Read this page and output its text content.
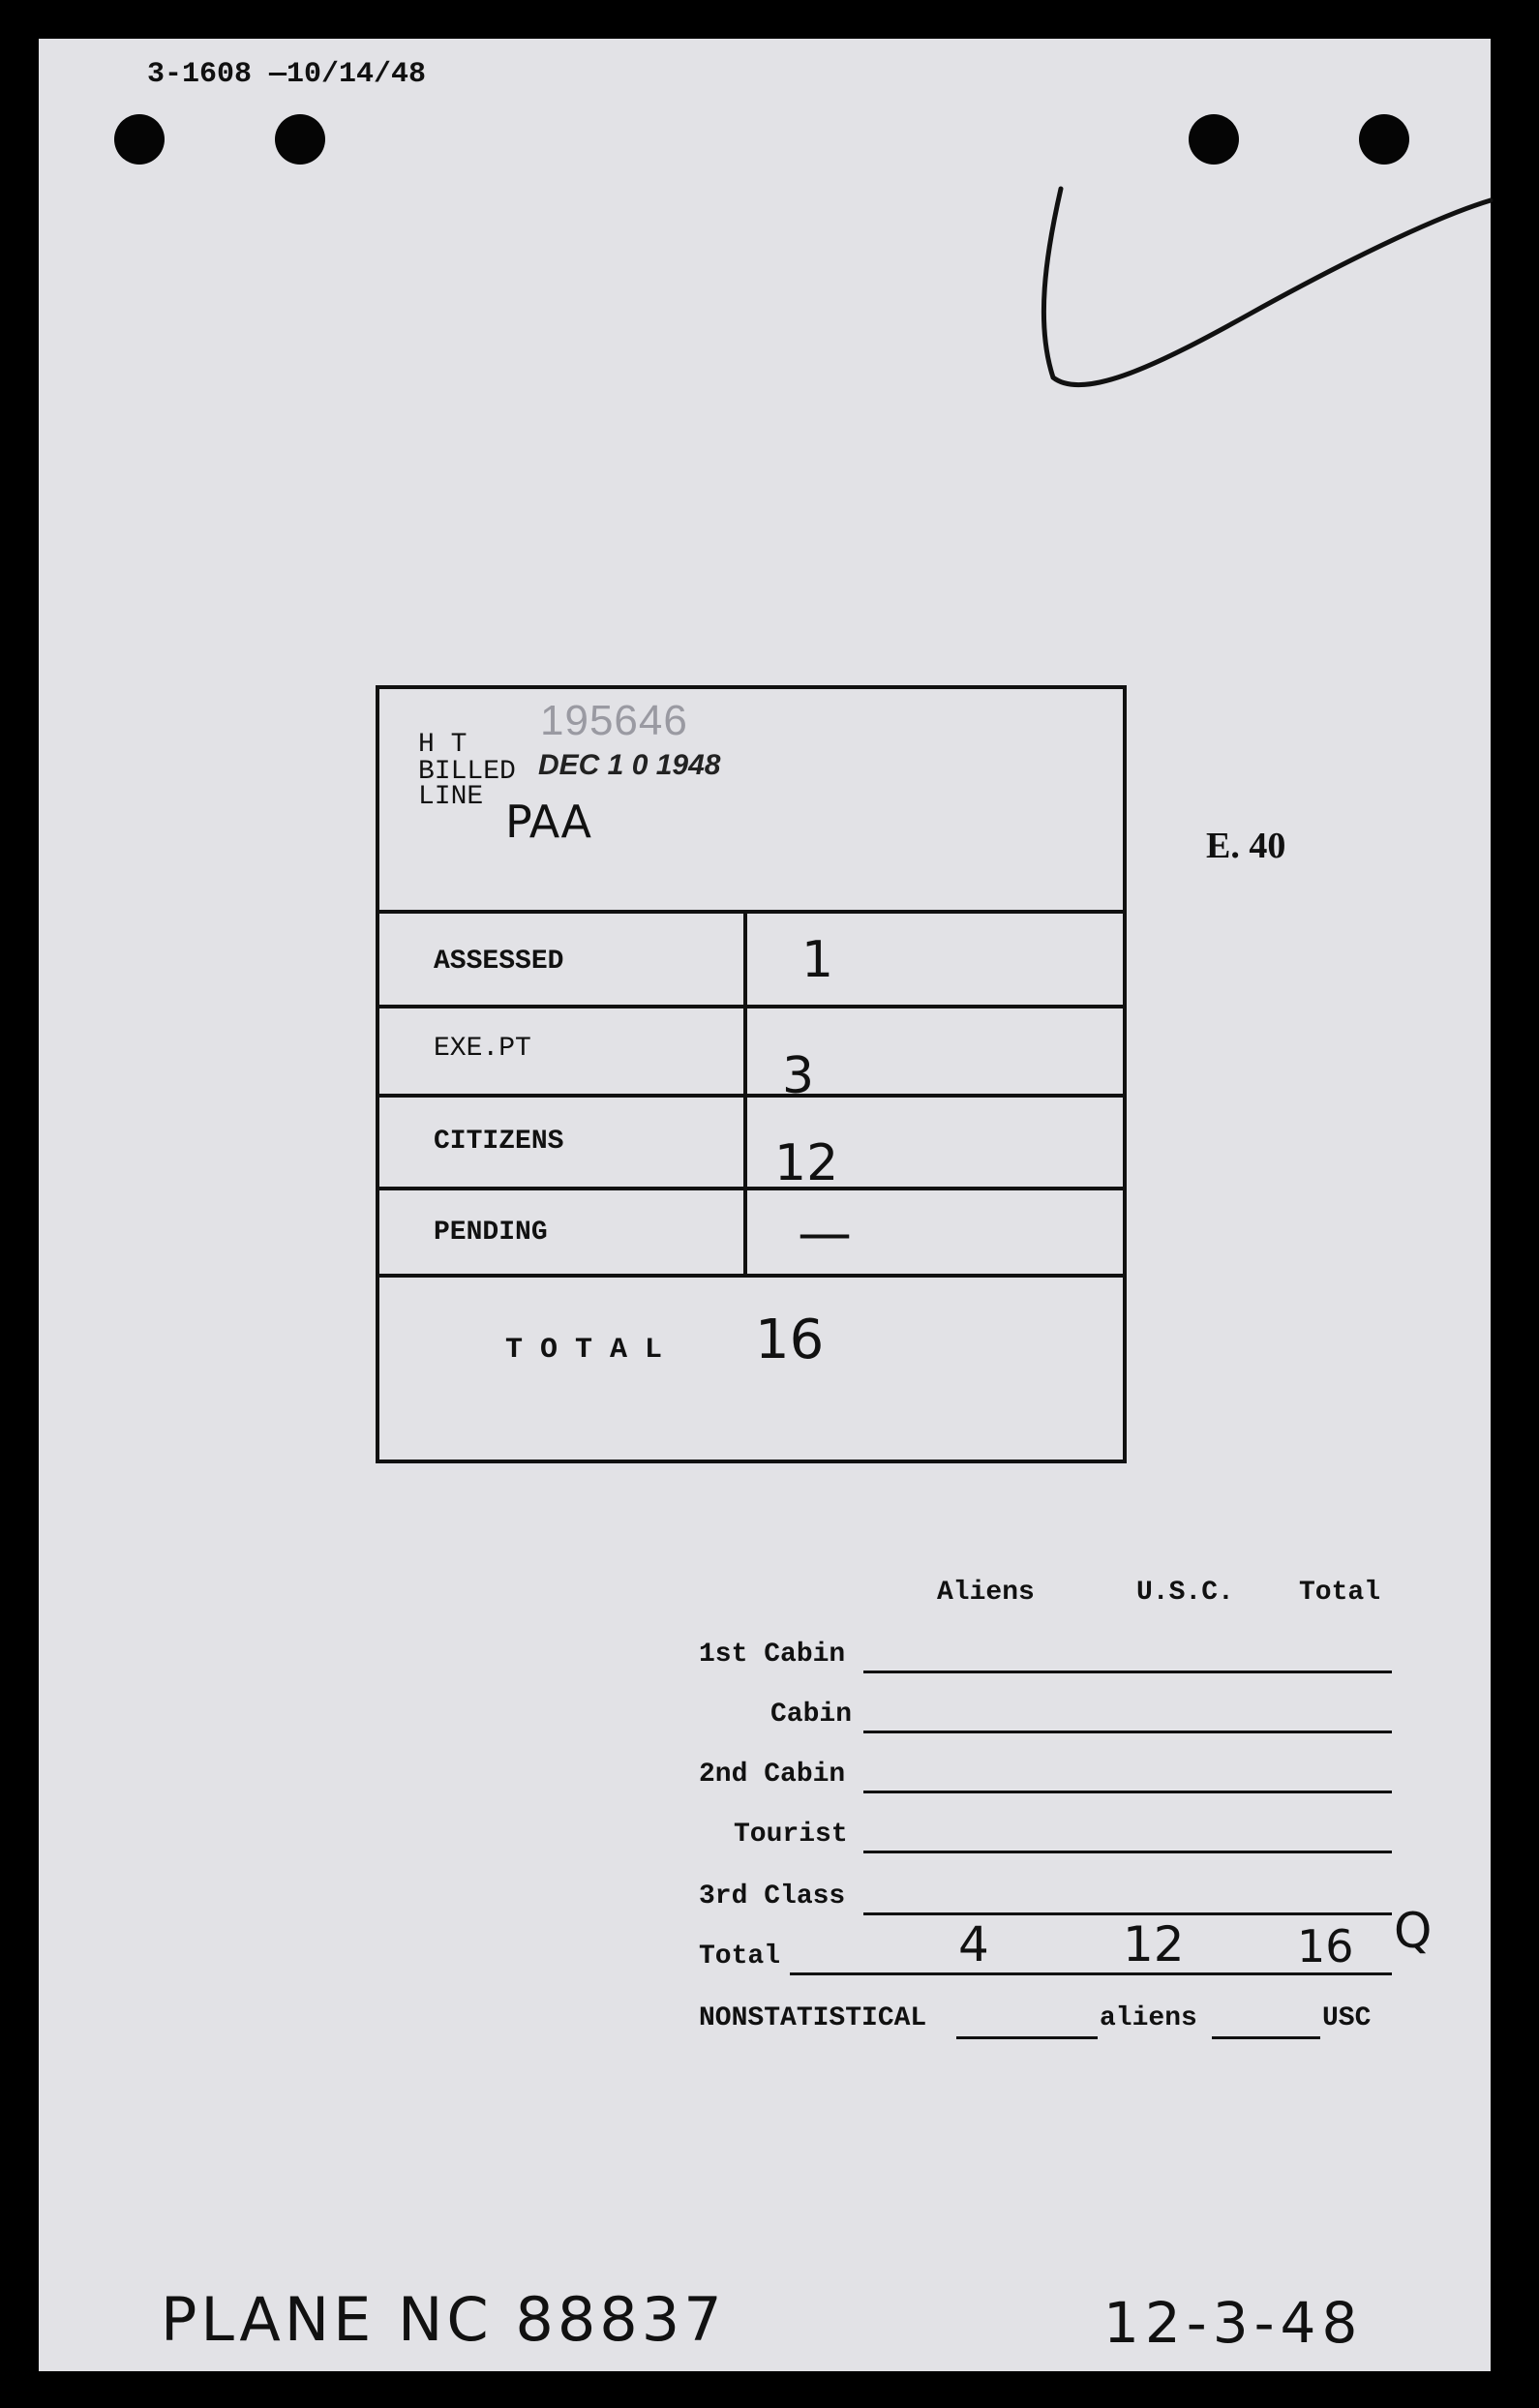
3-1608 —10/14/48
195646
H T
BILLED DEC 1 0 1948
LINE PAA
ASSESSED	1
EXE.PT	3
CITIZENS	12
PENDING	—
T O T A L 16
E. 40
Aliens	U.S.C. Total
1st Cabin
Cabin
2nd Cabin
Tourist
3rd Class
Total	4	12	16 Q
NONSTATISTICAL	aliens	USC
PLANE NC 88837	12-3-48
